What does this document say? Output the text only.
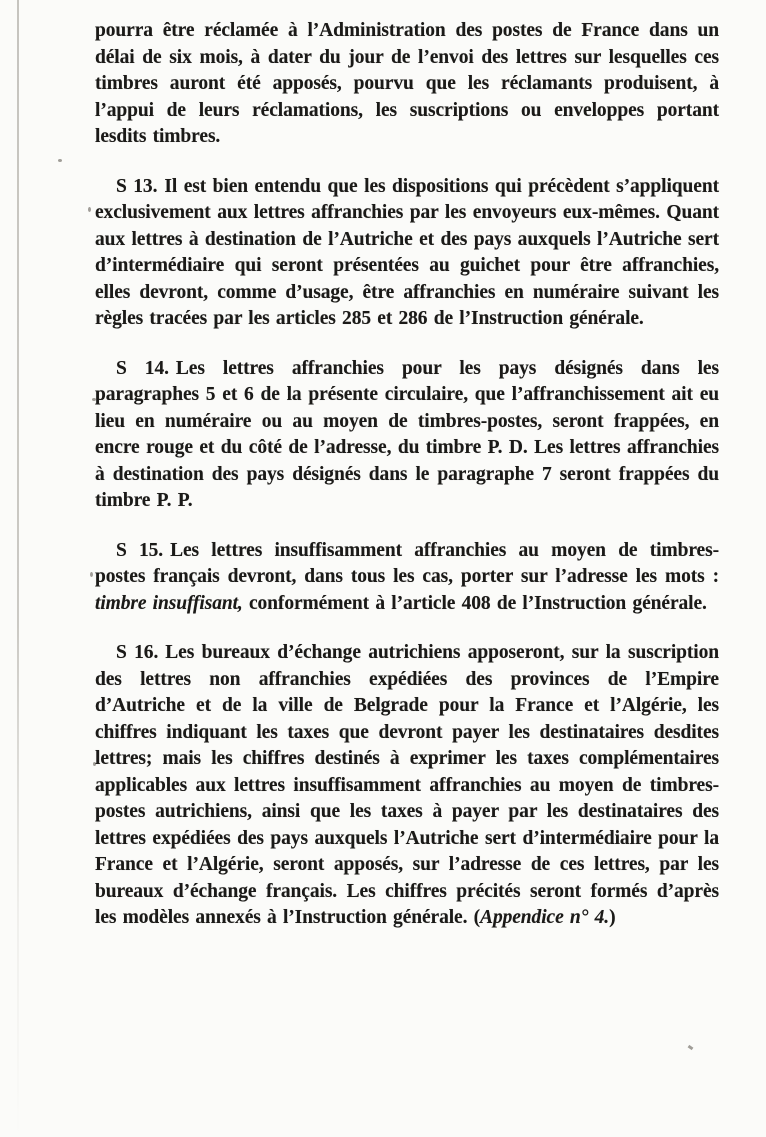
pourra être réclamée à l’Administration des postes de France dans un délai de six mois, à dater du jour de l’envoi des lettres sur lesquelles ces timbres auront été apposés, pourvu que les réclamants produisent, à l’appui de leurs réclamations, les suscriptions ou enveloppes portant lesdits timbres.

S 13. Il est bien entendu que les dispositions qui précèdent s’appliquent exclusivement aux lettres affranchies par les envoyeurs eux-mêmes. Quant aux lettres à destination de l’Autriche et des pays auxquels l’Autriche sert d’intermédiaire qui seront présentées au guichet pour être affranchies, elles devront, comme d’usage, être affranchies en numéraire suivant les règles tracées par les articles 285 et 286 de l’Instruction générale.

S 14. Les lettres affranchies pour les pays désignés dans les paragraphes 5 et 6 de la présente circulaire, que l’affranchissement ait eu lieu en numéraire ou au moyen de timbres-postes, seront frappées, en encre rouge et du côté de l’adresse, du timbre P. D. Les lettres affranchies à destination des pays désignés dans le paragraphe 7 seront frappées du timbre P. P.

S 15. Les lettres insuffisamment affranchies au moyen de timbres-postes français devront, dans tous les cas, porter sur l’adresse les mots : timbre insuffisant, conformément à l’article 408 de l’Instruction générale.

S 16. Les bureaux d’échange autrichiens apposeront, sur la suscription des lettres non affranchies expédiées des provinces de l’Empire d’Autriche et de la ville de Belgrade pour la France et l’Algérie, les chiffres indiquant les taxes que devront payer les destinataires desdites lettres; mais les chiffres destinés à exprimer les taxes complémentaires applicables aux lettres insuffisamment affranchies au moyen de timbres-postes autrichiens, ainsi que les taxes à payer par les destinataires des lettres expédiées des pays auxquels l’Autriche sert d’intermédiaire pour la France et l’Algérie, seront apposés, sur l’adresse de ces lettres, par les bureaux d’échange français. Les chiffres précités seront formés d’après les modèles annexés à l’Instruction générale. (Appendice n° 4.)
